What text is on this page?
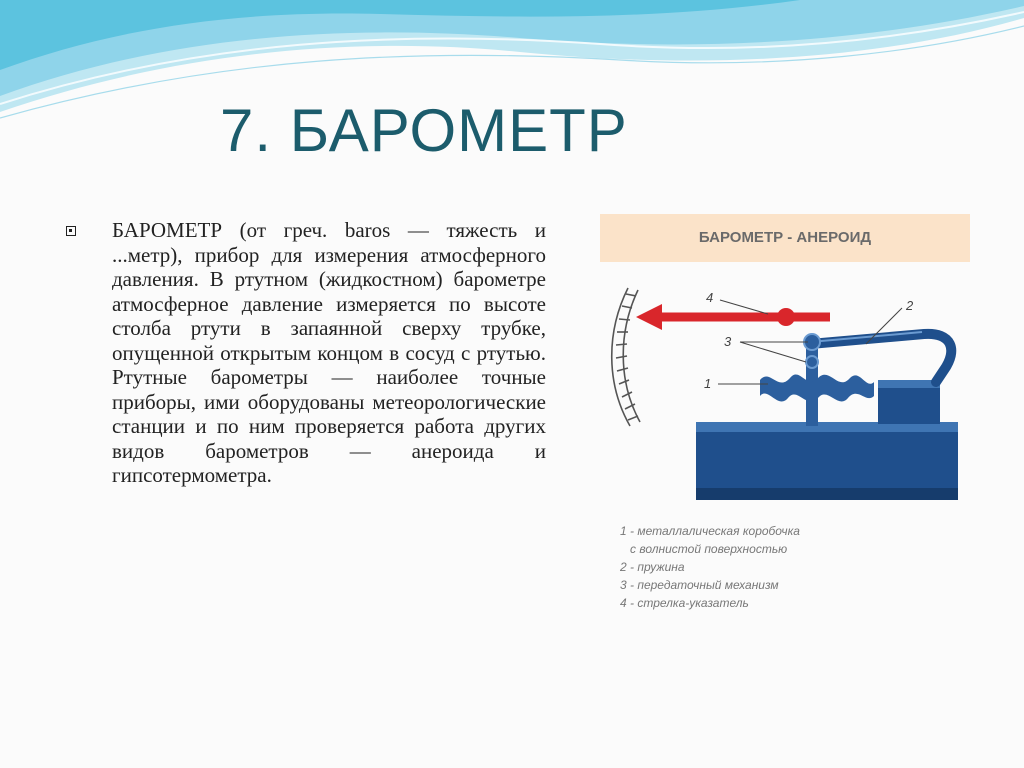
7. БАРОМЕТР

БАРОМЕТР (от греч. baros — тяжесть и ...метр), прибор для измерения атмосферного давления. В ртутном (жидкостном) барометре атмосферное давление измеряется по высоте столба ртути в запаянной сверху трубке, опущенной открытым концом в сосуд с ртутью. Ртутные барометры — наиболее точные приборы, ими оборудованы метеорологические станции и по ним проверяется работа других видов барометров — анероида и гипсотермометра.

БАРОМЕТР - АНЕРОИД
4
2
3
1
1 - металлалическая коробочка
с волнистой поверхностью
2 - пружина
3 - передаточный механизм
4 - стрелка-указатель
